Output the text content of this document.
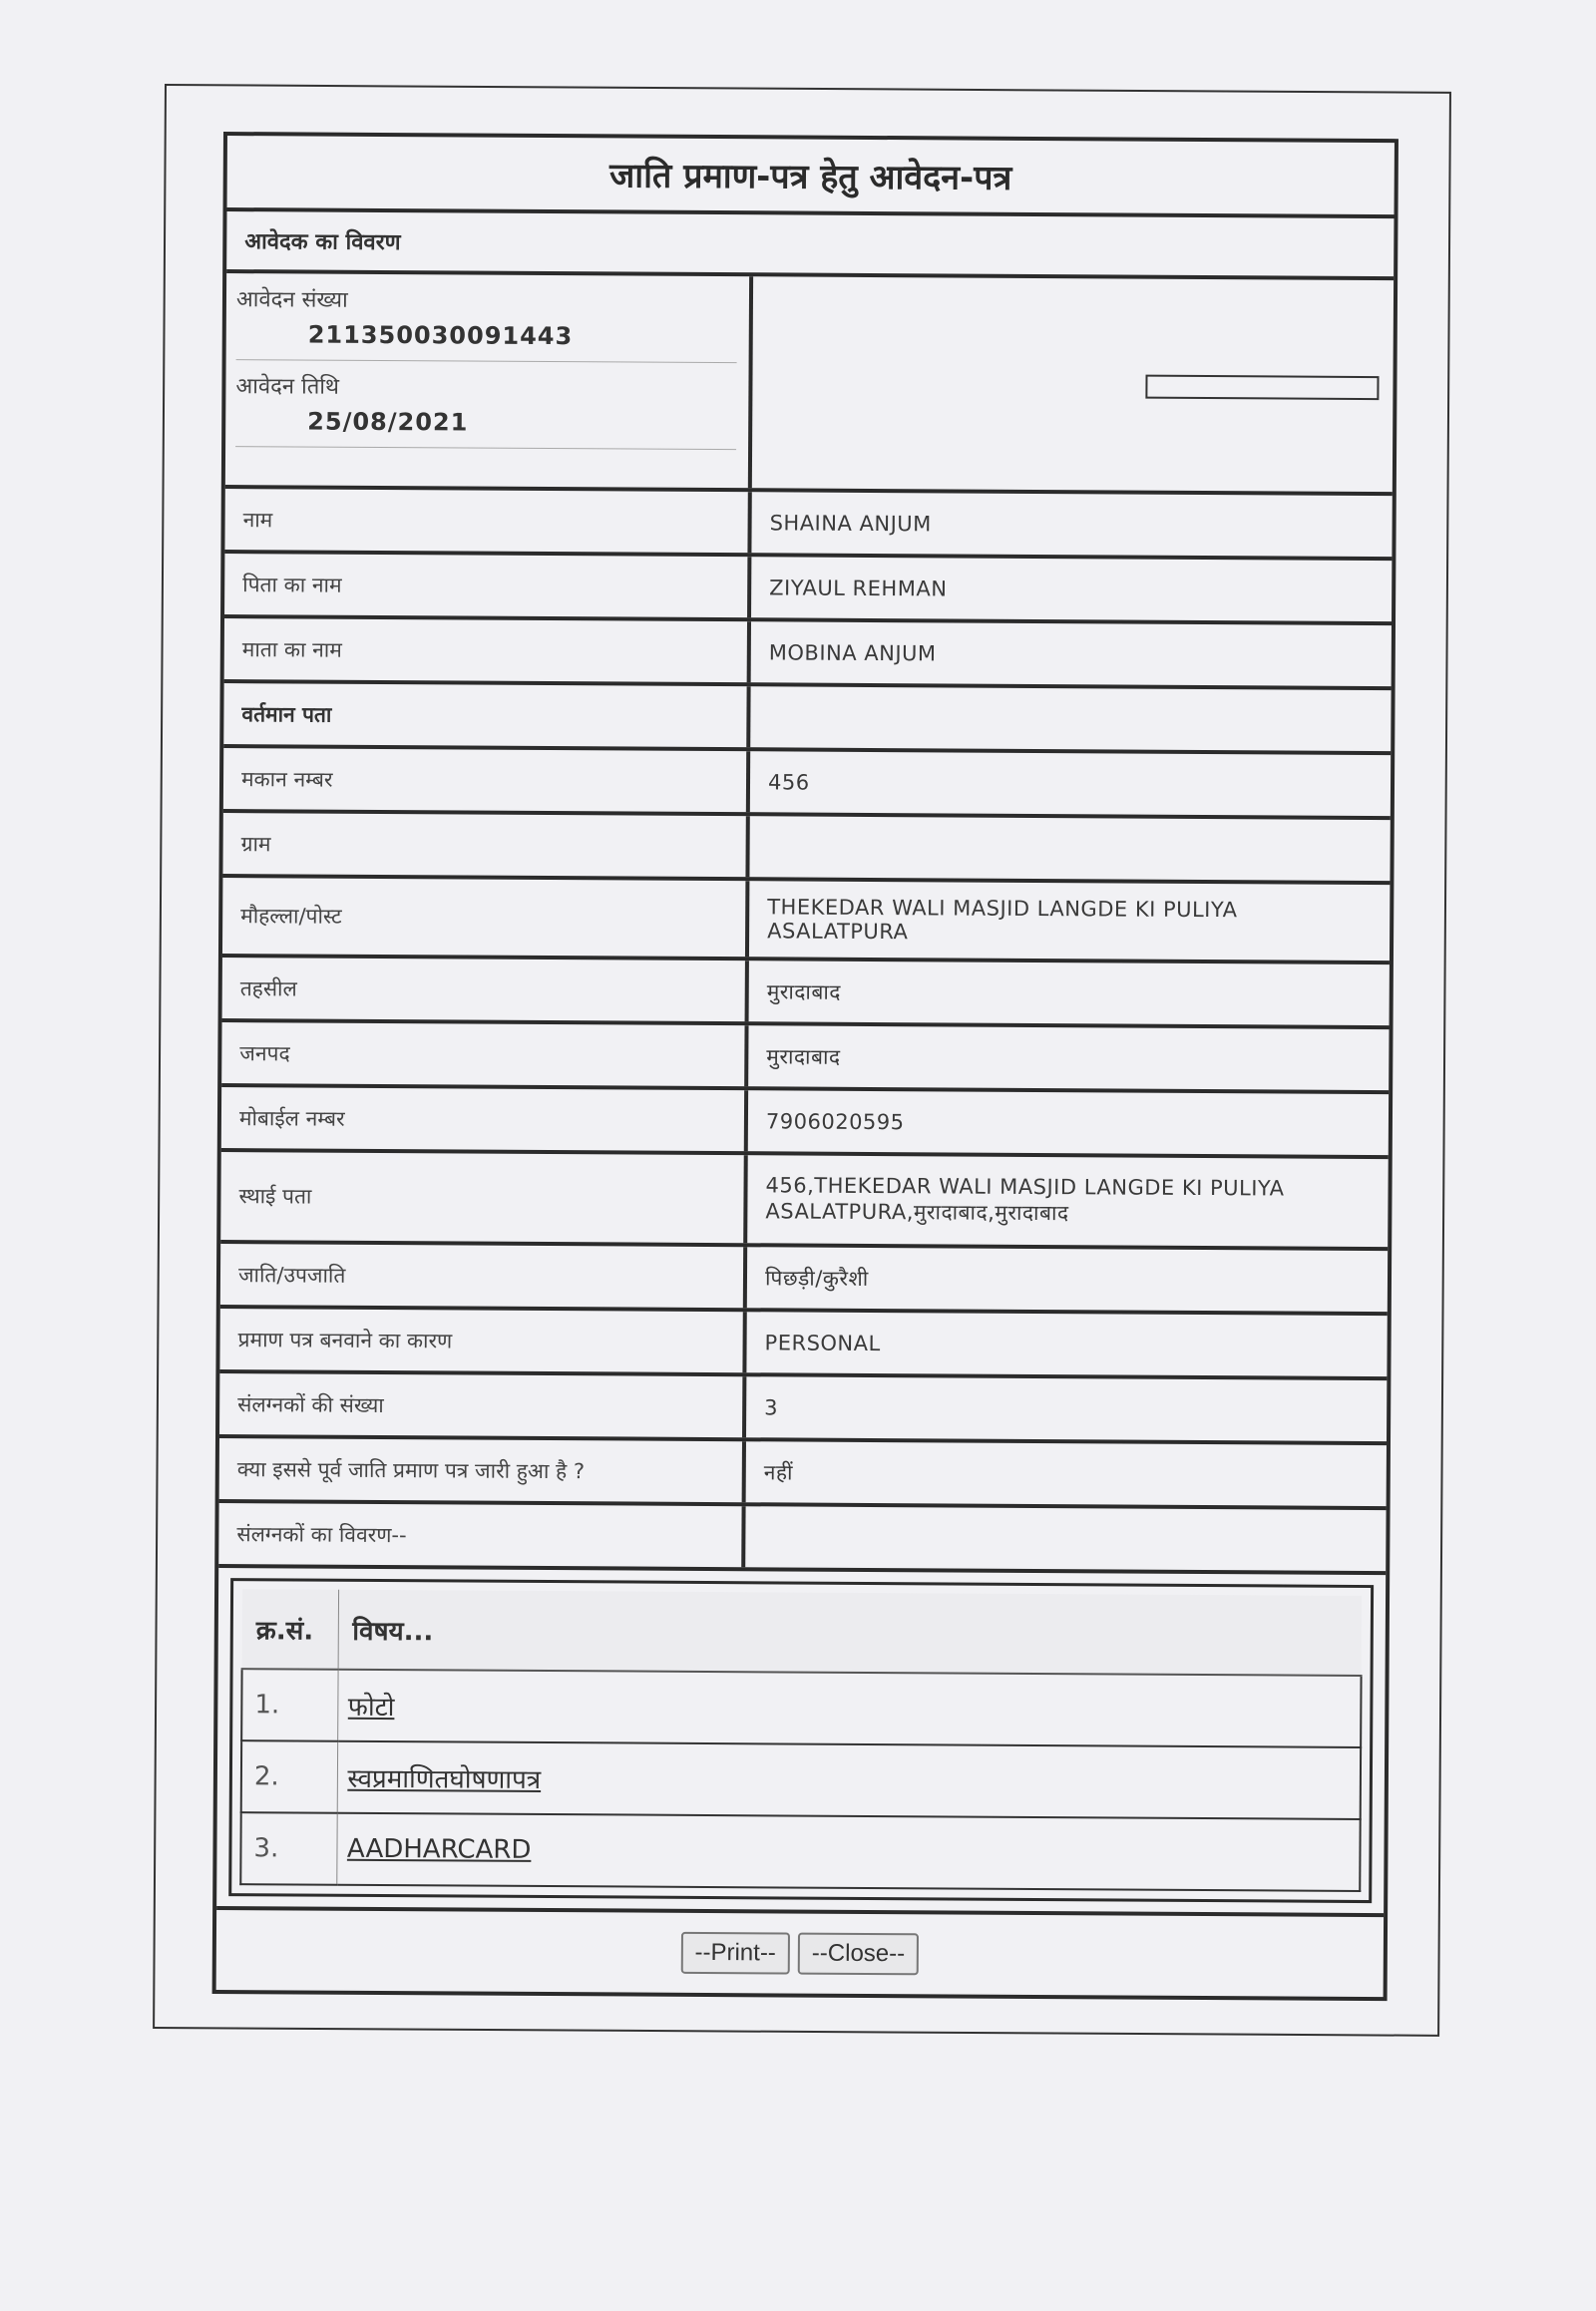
जाति प्रमाण-पत्र हेतु आवेदन-पत्र
आवेदक का विवरण
आवेदन संख्या
211350030091443
आवेदन तिथि
25/08/2021
नाम	SHAINA ANJUM
पिता का नाम	ZIYAUL REHMAN
माता का नाम	MOBINA ANJUM
वर्तमान पता
मकान नम्बर	456
ग्राम
मौहल्ला/पोस्ट	THEKEDAR WALI MASJID LANGDE KI PULIYA ASALATPURA
तहसील	मुरादाबाद
जनपद	मुरादाबाद
मोबाईल नम्बर	7906020595
स्थाई पता	456,THEKEDAR WALI MASJID LANGDE KI PULIYA ASALATPURA,मुरादाबाद,मुरादाबाद
जाति/उपजाति	पिछड़ी/कुरैशी
प्रमाण पत्र बनवाने का कारण	PERSONAL
संलग्नकों की संख्या	3
क्या इससे पूर्व जाति प्रमाण पत्र जारी हुआ है ?	नहीं
संलग्नकों का विवरण--
क्र.सं.	विषय...
1.	फोटो
2.	स्वप्रमाणितघोषणापत्र
3.	AADHARCARD
--Print--	--Close--
